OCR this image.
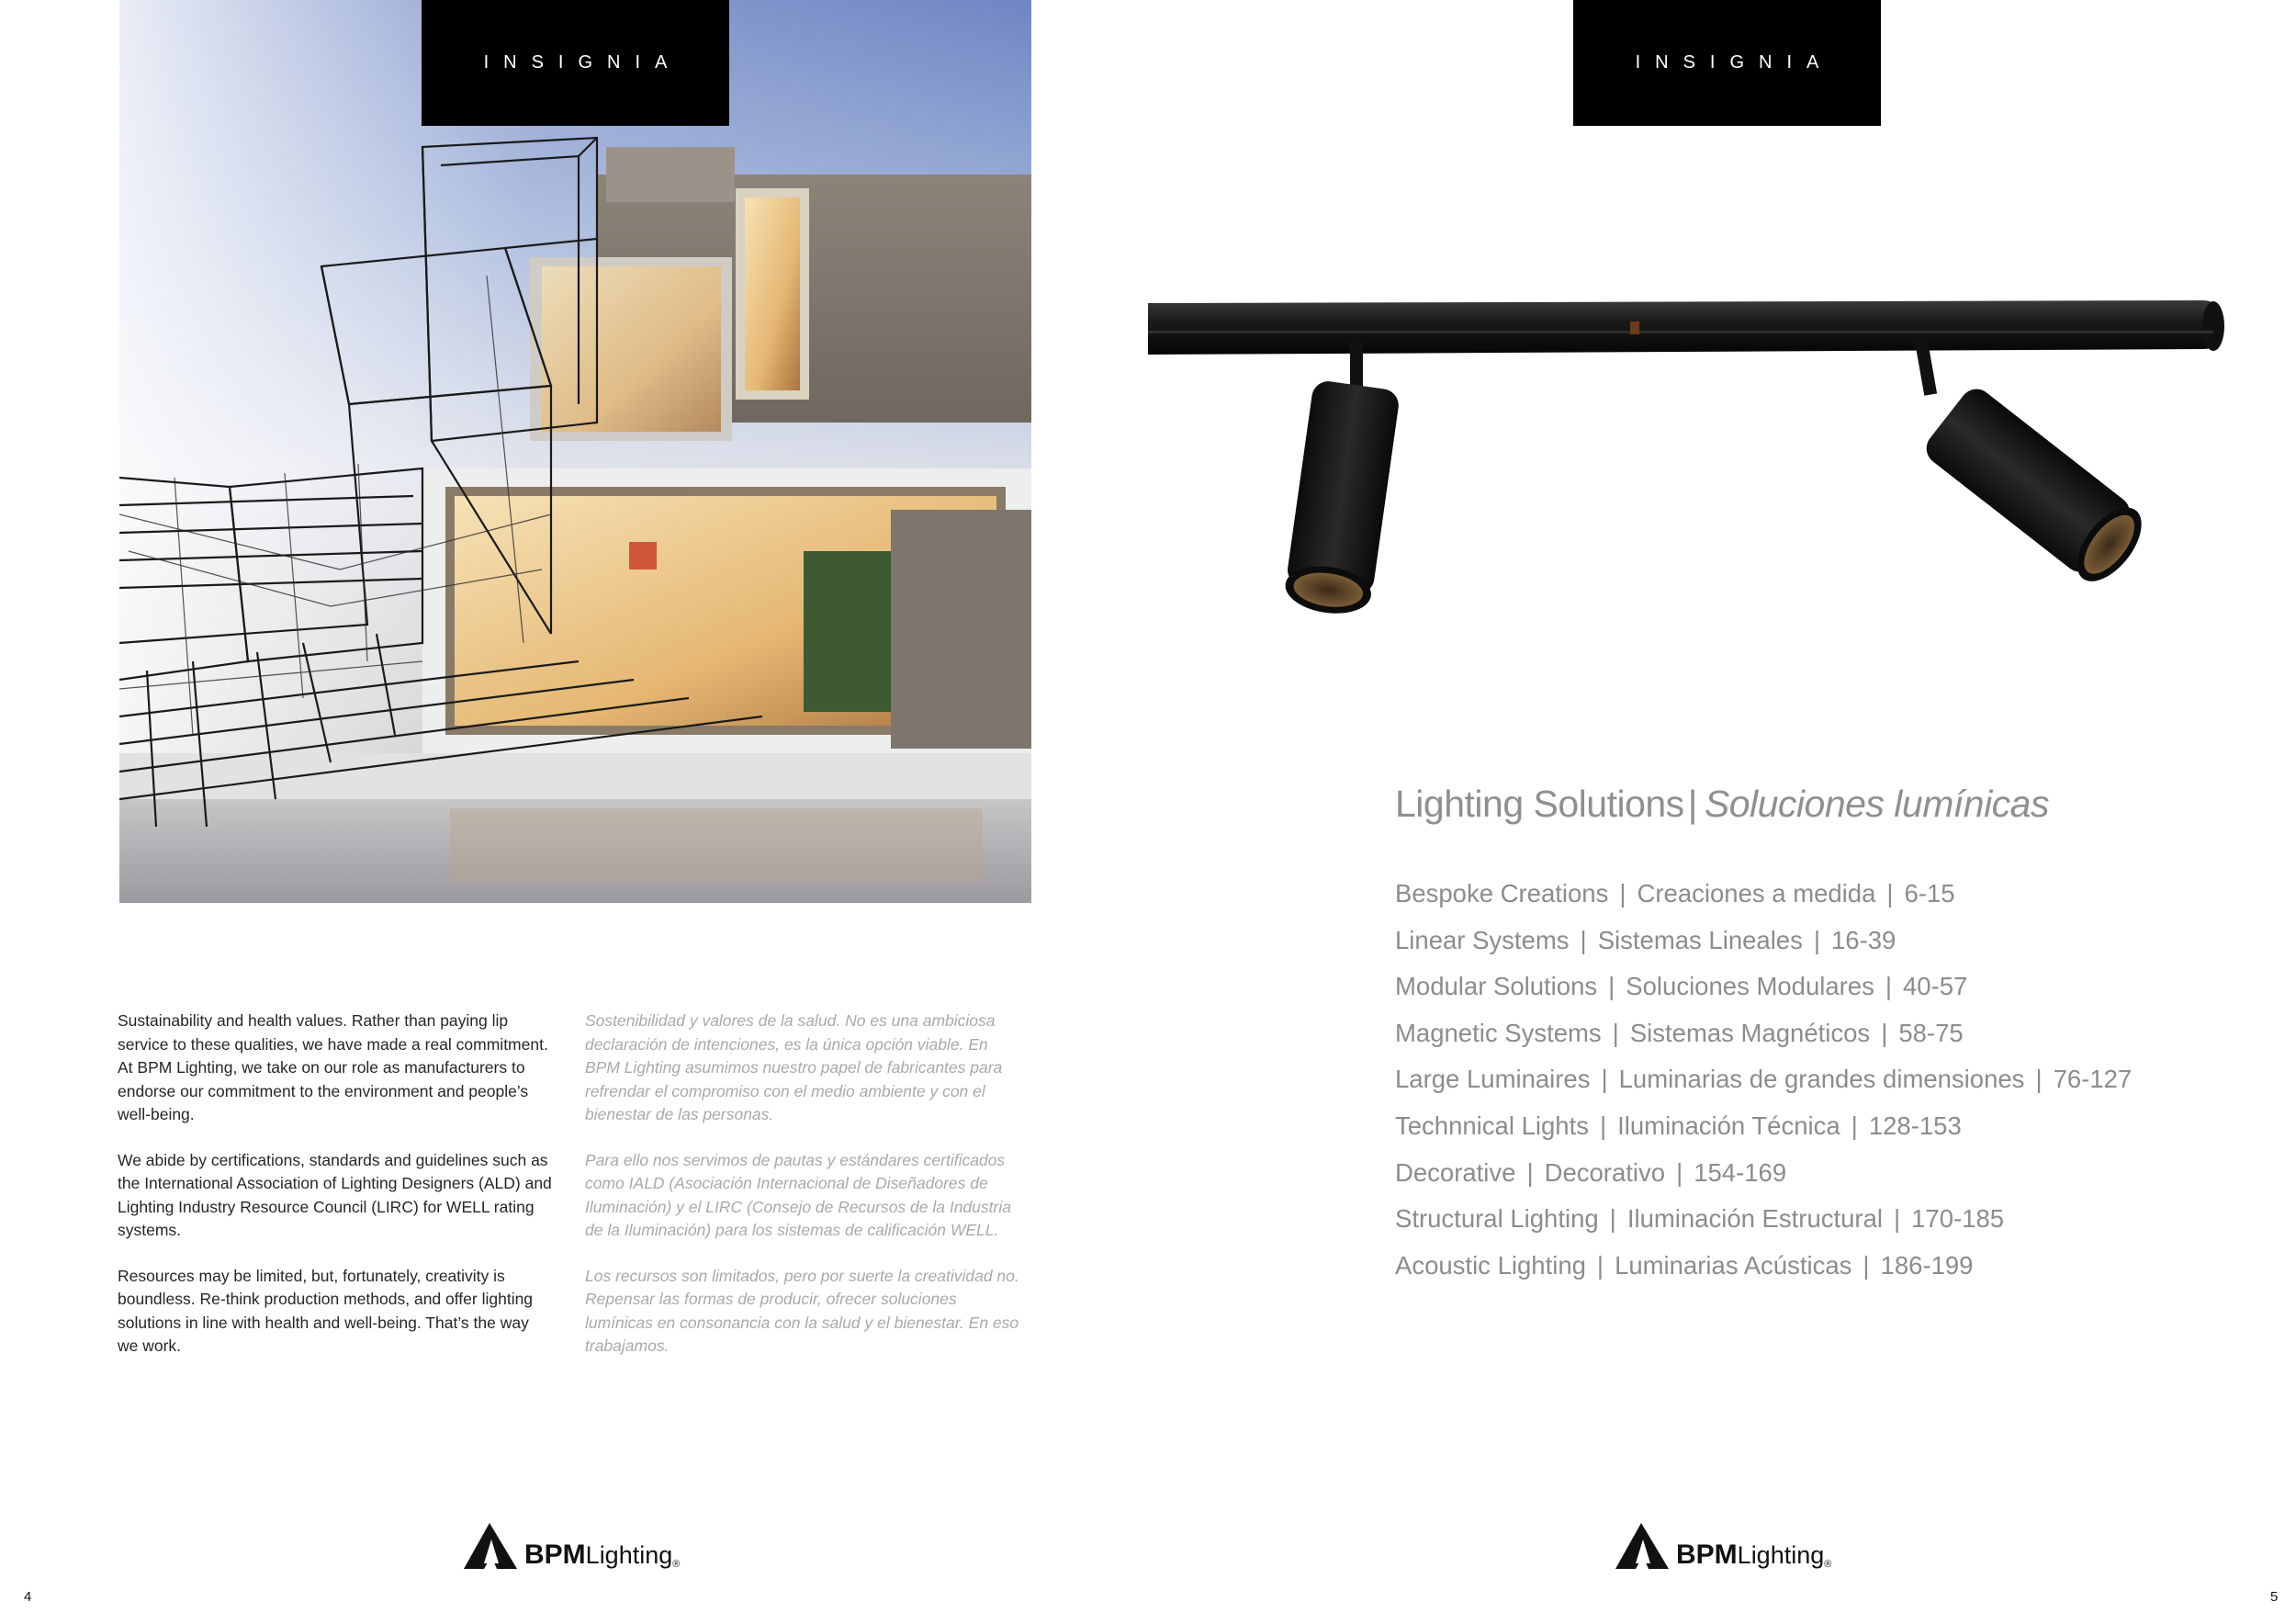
INSIGNIA

Sustainability and health values. Rather than paying lip service to these qualities, we have made a real commitment. At BPM Lighting, we take on our role as manufacturers to endorse our commitment to the environment and people’s well-being.

We abide by certifications, standards and guidelines such as the International Association of Lighting Designers (ALD) and Lighting Industry Resource Council (LIRC) for WELL rating systems.

Resources may be limited, but, fortunately, creativity is boundless. Re-think production methods, and offer lighting solutions in line with health and well-being. That’s the way we work.

Sostenibilidad y valores de la salud. No es una ambiciosa declaración de intenciones, es la única opción viable. En BPM Lighting asumimos nuestro papel de fabricantes para refrendar el compromiso con el medio ambiente y con el bienestar de las personas.

Para ello nos servimos de pautas y estándares certificados como IALD (Asociación Internacional de Diseñadores de Iluminación) y el LIRC (Consejo de Recursos de la Industria de la Iluminación) para los sistemas de calificación WELL.

Los recursos son limitados, pero por suerte la creatividad no. Repensar las formas de producir, ofrecer soluciones lumínicas en consonancia con la salud y el bienestar. En eso trabajamos.

BPM Lighting ®
4
INSIGNIA
Lighting Solutions| Soluciones lumínicas
Bespoke Creations | Creaciones a medida | 6-15
Linear Systems | Sistemas Lineales | 16-39
Modular Solutions | Soluciones Modulares | 40-57
Magnetic Systems | Sistemas Magnéticos | 58-75
Large Luminaires | Luminarias de grandes dimensiones | 76-127
Technnical Lights | Iluminación Técnica | 128-153
Decorative | Decorativo | 154-169
Structural Lighting | Iluminación Estructural | 170-185
Acoustic Lighting | Luminarias Acústicas | 186-199
BPM Lighting ®
5
